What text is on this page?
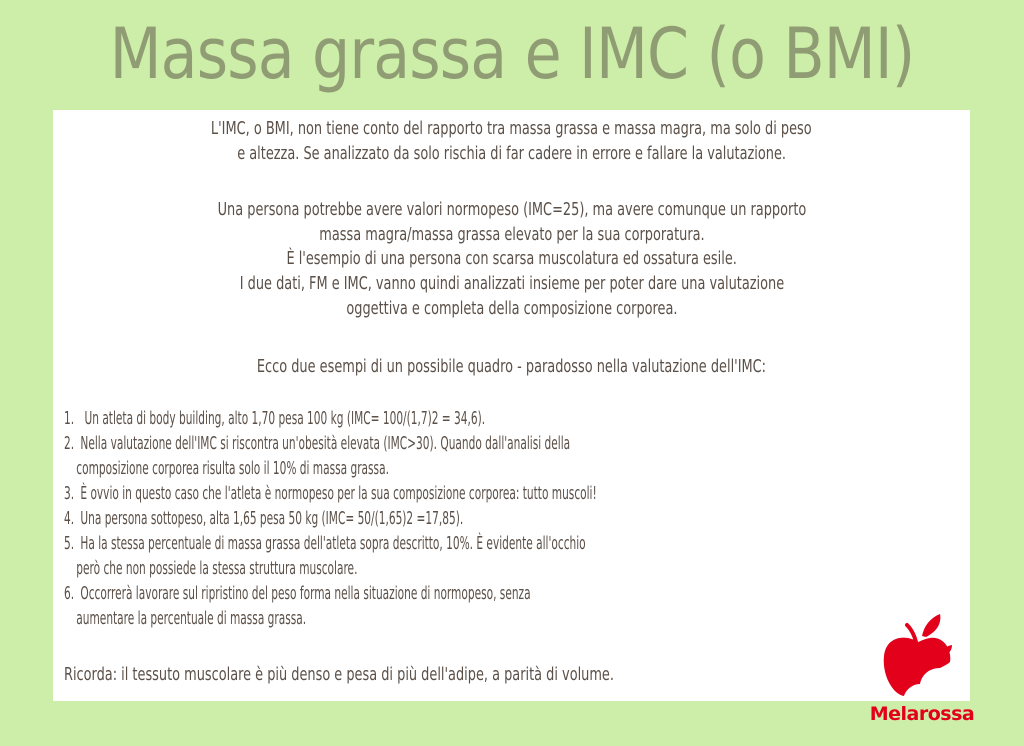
Massa grassa e IMC (o BMI)
L'IMC, o BMI, non tiene conto del rapporto tra massa grassa e massa magra, ma solo di peso
e altezza. Se analizzato da solo rischia di far cadere in errore e fallare la valutazione.
Una persona potrebbe avere valori normopeso (IMC=25), ma avere comunque un rapporto
massa magra/massa grassa elevato per la sua corporatura.
È l'esempio di una persona con scarsa muscolatura ed ossatura esile.
I due dati, FM e IMC, vanno quindi analizzati insieme per poter dare una valutazione
oggettiva e completa della composizione corporea.
Ecco due esempi di un possibile quadro - paradosso nella valutazione dell'IMC:
1. Un atleta di body building, alto 1,70 pesa 100 kg (IMC= 100/(1,7)2 = 34,6).
2. Nella valutazione dell'IMC si riscontra un'obesità elevata (IMC>30). Quando dall'analisi della
composizione corporea risulta solo il 10% di massa grassa.
3. È ovvio in questo caso che l'atleta è normopeso per la sua composizione corporea: tutto muscoli!
4. Una persona sottopeso, alta 1,65 pesa 50 kg (IMC= 50/(1,65)2 =17,85).
5. Ha la stessa percentuale di massa grassa dell'atleta sopra descritto, 10%. È evidente all'occhio
però che non possiede la stessa struttura muscolare.
6. Occorrerà lavorare sul ripristino del peso forma nella situazione di normopeso, senza
aumentare la percentuale di massa grassa.
Ricorda: il tessuto muscolare è più denso e pesa di più dell'adipe, a parità di volume.
Melarossa
